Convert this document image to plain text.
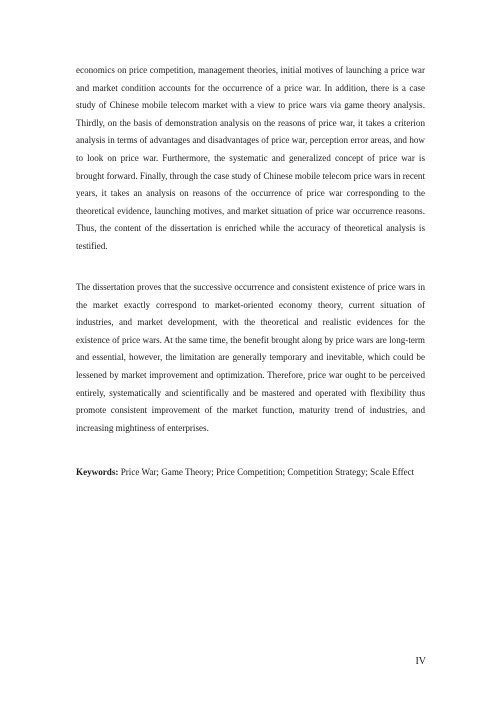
economics on price competition, management theories, initial motives of launching a price war and market condition accounts for the occurrence of a price war. In addition, there is a case study of Chinese mobile telecom market with a view to price wars via game theory analysis. Thirdly, on the basis of demonstration analysis on the reasons of price war, it takes a criterion analysis in terms of advantages and disadvantages of price war, perception error areas, and how to look on price war. Furthermore, the systematic and generalized concept of price war is brought forward. Finally, through the case study of Chinese mobile telecom price wars in recent years, it takes an analysis on reasons of the occurrence of price war corresponding to the theoretical evidence, launching motives, and market situation of price war occurrence reasons. Thus, the content of the dissertation is enriched while the accuracy of theoretical analysis is testified.

The dissertation proves that the successive occurrence and consistent existence of price wars in the market exactly correspond to market-oriented economy theory, current situation of industries, and market development, with the theoretical and realistic evidences for the existence of price wars. At the same time, the benefit brought along by price wars are long-term and essential, however, the limitation are generally temporary and inevitable, which could be lessened by market improvement and optimization. Therefore, price war ought to be perceived entirely, systematically and scientifically and be mastered and operated with flexibility thus promote consistent improvement of the market function, maturity trend of industries, and increasing mightiness of enterprises.

Keywords: Price War; Game Theory; Price Competition; Competition Strategy; Scale Effect

IV
